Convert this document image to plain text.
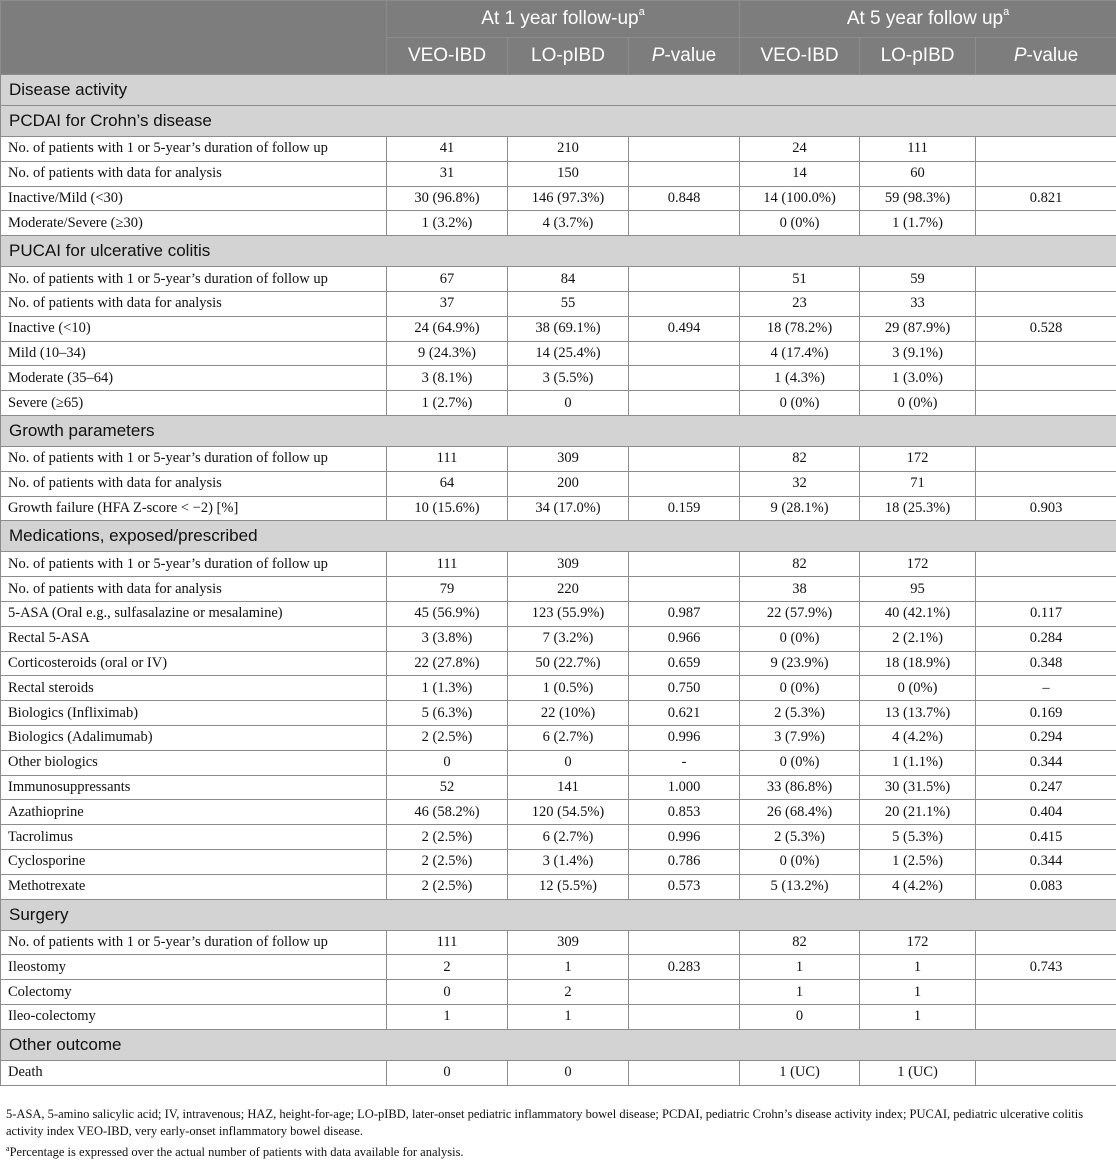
	At 1 year follow-$up^a$			At 5 year follow $up^a$
	VEO-IBD	LO-pIBD	P-value	VEO-IBD	LO-pIBD	P-value
Disease activity						
PCDAI for Crohn’s disease						
No. of patients with 1 or 5-year’s duration of follow up	41	210		24	111	
No. of patients with data for analysis	31	150		14	60	
Inactive/Mild (<30)	30 (96.8%)	146 (97.3%)	0.848	14 (100.0%)	59 (98.3%)	0.821
Moderate/Severe (≥30)	1 (3.2%)	4 (3.7%)		0 (0%)	1 (1.7%)	
PUCAI for ulcerative colitis						
No. of patients with 1 or 5-year’s duration of follow up	67	84		51	59	
No. of patients with data for analysis	37	55		23	33	
Inactive (<10)	24 (64.9%)	38 (69.1%)	0.494	18 (78.2%)	29 (87.9%)	0.528
Mild (10–34)	9 (24.3%)	14 (25.4%)		4 (17.4%)	3 (9.1%)	
Moderate (35–64)	3 (8.1%)	3 (5.5%)		1 (4.3%)	1 (3.0%)	
Severe (≥65)	1 (2.7%)	0		0 (0%)	0 (0%)	
Growth parameters						
No. of patients with 1 or 5-year’s duration of follow up	111	309		82	172	
No. of patients with data for analysis	64	200		32	71	
Growth failure (HFA Z-score < −2) [%]	10 (15.6%)	34 (17.0%)	0.159	9 (28.1%)	18 (25.3%)	0.903
Medications, exposed/prescribed						
No. of patients with 1 or 5-year’s duration of follow up	111	309		82	172	
No. of patients with data for analysis	79	220		38	95	
5-ASA (Oral e.g., sulfasalazine or mesalamine)	45 (56.9%)	123 (55.9%)	0.987	22 (57.9%)	40 (42.1%)	0.117
Rectal 5-ASA	3 (3.8%)	7 (3.2%)	0.966	0 (0%)	2 (2.1%)	0.284
Corticosteroids (oral or IV)	22 (27.8%)	50 (22.7%)	0.659	9 (23.9%)	18 (18.9%)	0.348
Rectal steroids	1 (1.3%)	1 (0.5%)	0.750	0 (0%)	0 (0%)	–
Biologics (Infliximab)	5 (6.3%)	22 (10%)	0.621	2 (5.3%)	13 (13.7%)	0.169
Biologics (Adalimumab)	2 (2.5%)	6 (2.7%)	0.996	3 (7.9%)	4 (4.2%)	0.294
Other biologics	0	0	-	0 (0%)	1 (1.1%)	0.344
Immunosuppressants	52	141	1.000	33 (86.8%)	30 (31.5%)	0.247
Azathioprine	46 (58.2%)	120 (54.5%)	0.853	26 (68.4%)	20 (21.1%)	0.404
Tacrolimus	2 (2.5%)	6 (2.7%)	0.996	2 (5.3%)	5 (5.3%)	0.415
Cyclosporine	2 (2.5%)	3 (1.4%)	0.786	0 (0%)	1 (2.5%)	0.344
Methotrexate	2 (2.5%)	12 (5.5%)	0.573	5 (13.2%)	4 (4.2%)	0.083
Surgery						
No. of patients with 1 or 5-year’s duration of follow up	111	309		82	172	
Ileostomy	2	1	0.283	1	1	0.743
Colectomy	0	2		1	1	
Ileo-colectomy	1	1		0	1	
Other outcome						
Death	0	0		1 (UC)	1 (UC)	

5-ASA, 5-amino salicylic acid; IV, intravenous; HAZ, height-for-age; LO-pIBD, later-onset pediatric inflammatory bowel disease; PCDAI, pediatric Crohn’s disease activity index; PUCAI, pediatric ulcerative colitis activity index VEO-IBD, very early-onset inflammatory bowel disease.

$^a$Percentage is expressed over the actual number of patients with data available for analysis.
